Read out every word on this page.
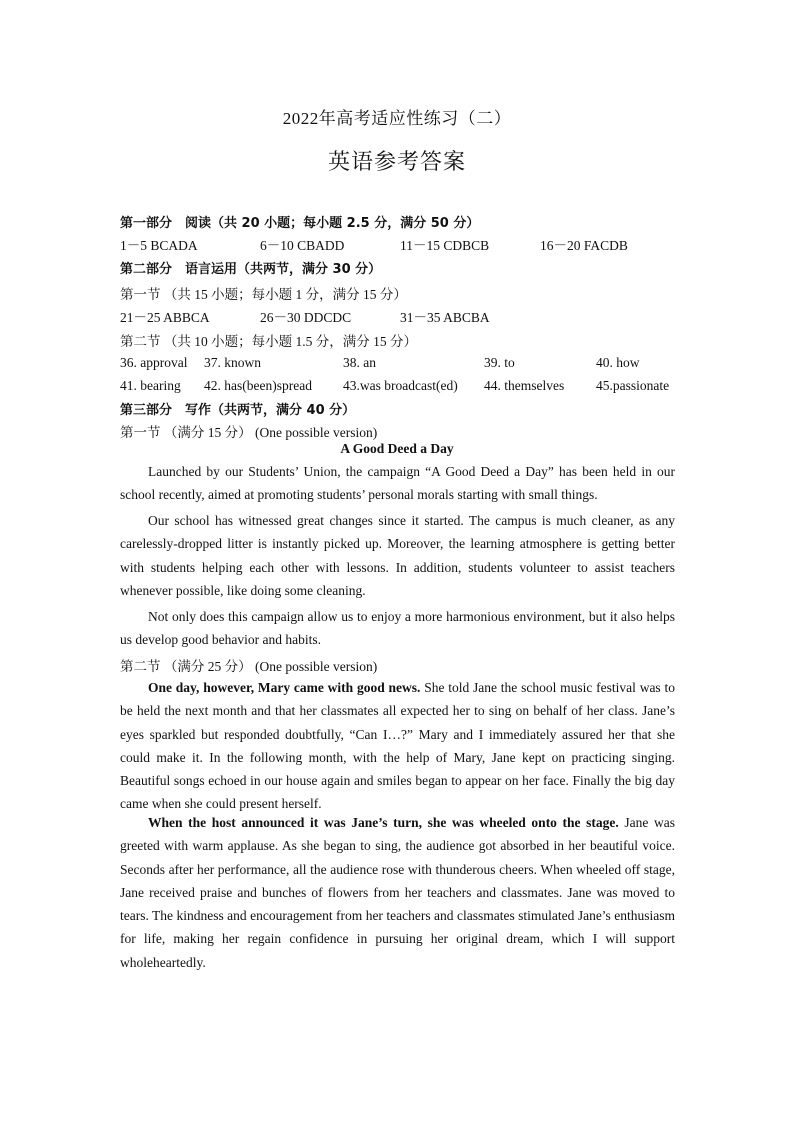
2022年高考适应性练习（二）
英语参考答案
第一部分　阅读（共 20 小题；每小题 2.5 分，满分 50 分）
1－5 BCADA	6－10 CBADD	11－15 CDBCB	16－20 FACDB
第二部分　语言运用（共两节，满分 30 分）
第一节 （共 15 小题；每小题 1 分，满分 15 分）
21－25 ABBCA	26－30 DDCDC	31－35 ABCBA
第二节 （共 10 小题；每小题 1.5 分，满分 15 分）
36. approval 37. known	38. an	39. to	40. how
41. bearing 42. has(been)spread 43.was broadcast(ed) 44. themselves 45.passionate
第三部分　写作（共两节，满分 40 分）
第一节 （满分 15 分） (One possible version)
A Good Deed a Day

Launched by our Students’ Union, the campaign “A Good Deed a Day” has been held in our school recently, aimed at promoting students’ personal morals starting with small things.

Our school has witnessed great changes since it started. The campus is much cleaner, as any carelessly-dropped litter is instantly picked up. Moreover, the learning atmosphere is getting better with students helping each other with lessons. In addition, students volunteer to assist teachers whenever possible, like doing some cleaning.

Not only does this campaign allow us to enjoy a more harmonious environment, but it also helps us develop good behavior and habits.

第二节 （满分 25 分） (One possible version)

One day, however, Mary came with good news. She told Jane the school music festival was to be held the next month and that her classmates all expected her to sing on behalf of her class. Jane’s eyes sparkled but responded doubtfully, “Can I…?” Mary and I immediately assured her that she could make it. In the following month, with the help of Mary, Jane kept on practicing singing. Beautiful songs echoed in our house again and smiles began to appear on her face. Finally the big day came when she could present herself.

When the host announced it was Jane’s turn, she was wheeled onto the stage. Jane was greeted with warm applause. As she began to sing, the audience got absorbed in her beautiful voice. Seconds after her performance, all the audience rose with thunderous cheers. When wheeled off stage, Jane received praise and bunches of flowers from her teachers and classmates. Jane was moved to tears. The kindness and encouragement from her teachers and classmates stimulated Jane’s enthusiasm for life, making her regain confidence in pursuing her original dream, which I will support wholeheartedly.
